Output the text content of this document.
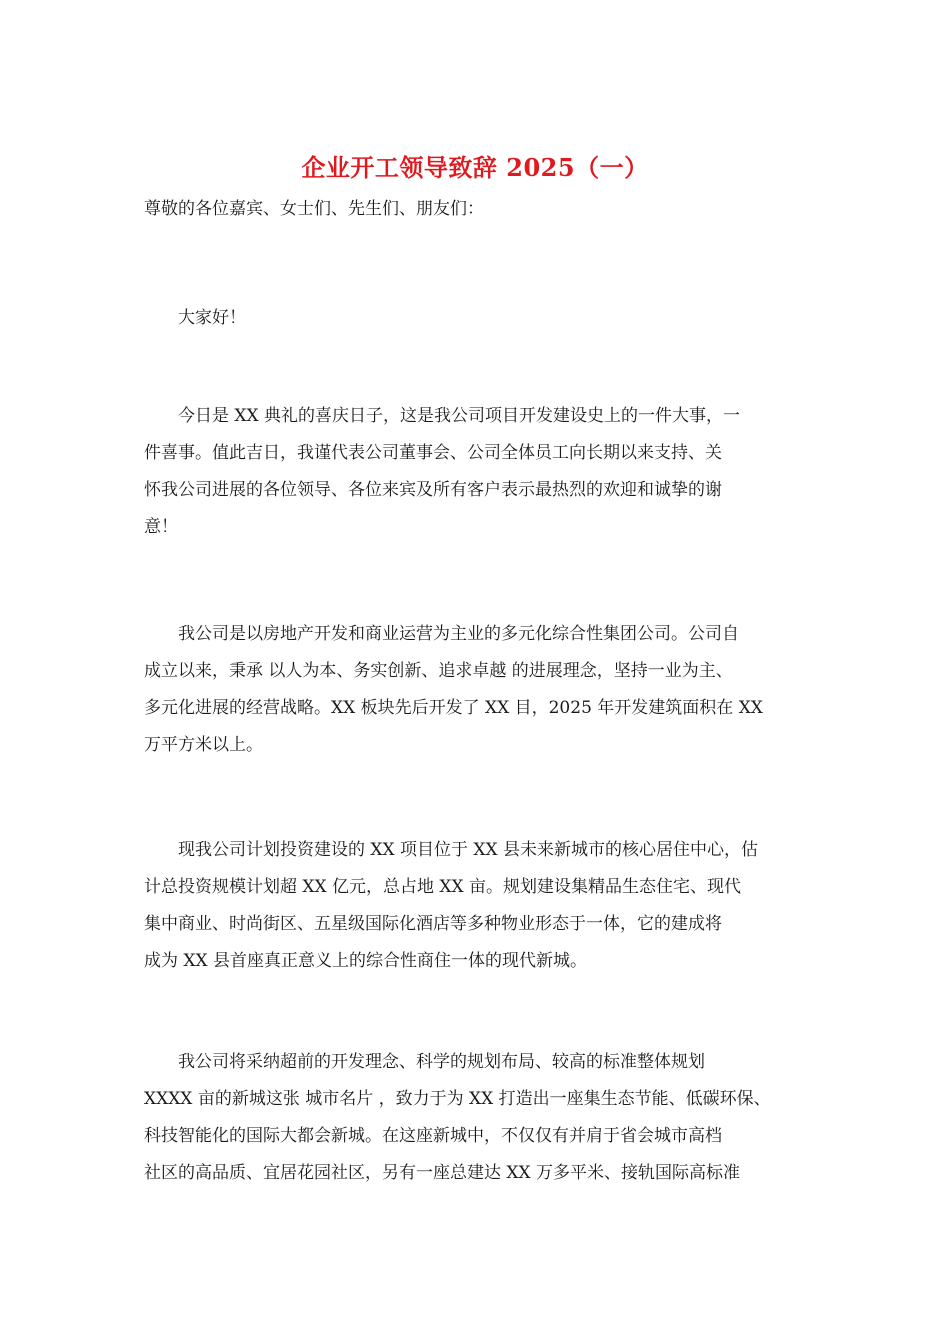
企业开工领导致辞 2025（一）
尊敬的各位嘉宾、女士们、先生们、朋友们：

大家好！

今日是 XX 典礼的喜庆日子，这是我公司项目开发建设史上的一件大事，一
件喜事。值此吉日，我谨代表公司董事会、公司全体员工向长期以来支持、关
怀我公司进展的各位领导、各位来宾及所有客户表示最热烈的欢迎和诚挚的谢
意！

我公司是以房地产开发和商业运营为主业的多元化综合性集团公司。公司自
成立以来，秉承 以人为本、务实创新、追求卓越 的进展理念，坚持一业为主、
多元化进展的经营战略。XX 板块先后开发了 XX 目，2025 年开发建筑面积在 XX
万平方米以上。

现我公司计划投资建设的 XX 项目位于 XX 县未来新城市的核心居住中心，估
计总投资规模计划超 XX 亿元，总占地 XX 亩。规划建设集精品生态住宅、现代
集中商业、时尚街区、五星级国际化酒店等多种物业形态于一体，它的建成将
成为 XX 县首座真正意义上的综合性商住一体的现代新城。

我公司将采纳超前的开发理念、科学的规划布局、较高的标准整体规划
XXXX 亩的新城这张 城市名片 ，致力于为 XX 打造出一座集生态节能、低碳环保、
科技智能化的国际大都会新城。在这座新城中，不仅仅有并肩于省会城市高档
社区的高品质、宜居花园社区，另有一座总建达 XX 万多平米、接轨国际高标准
